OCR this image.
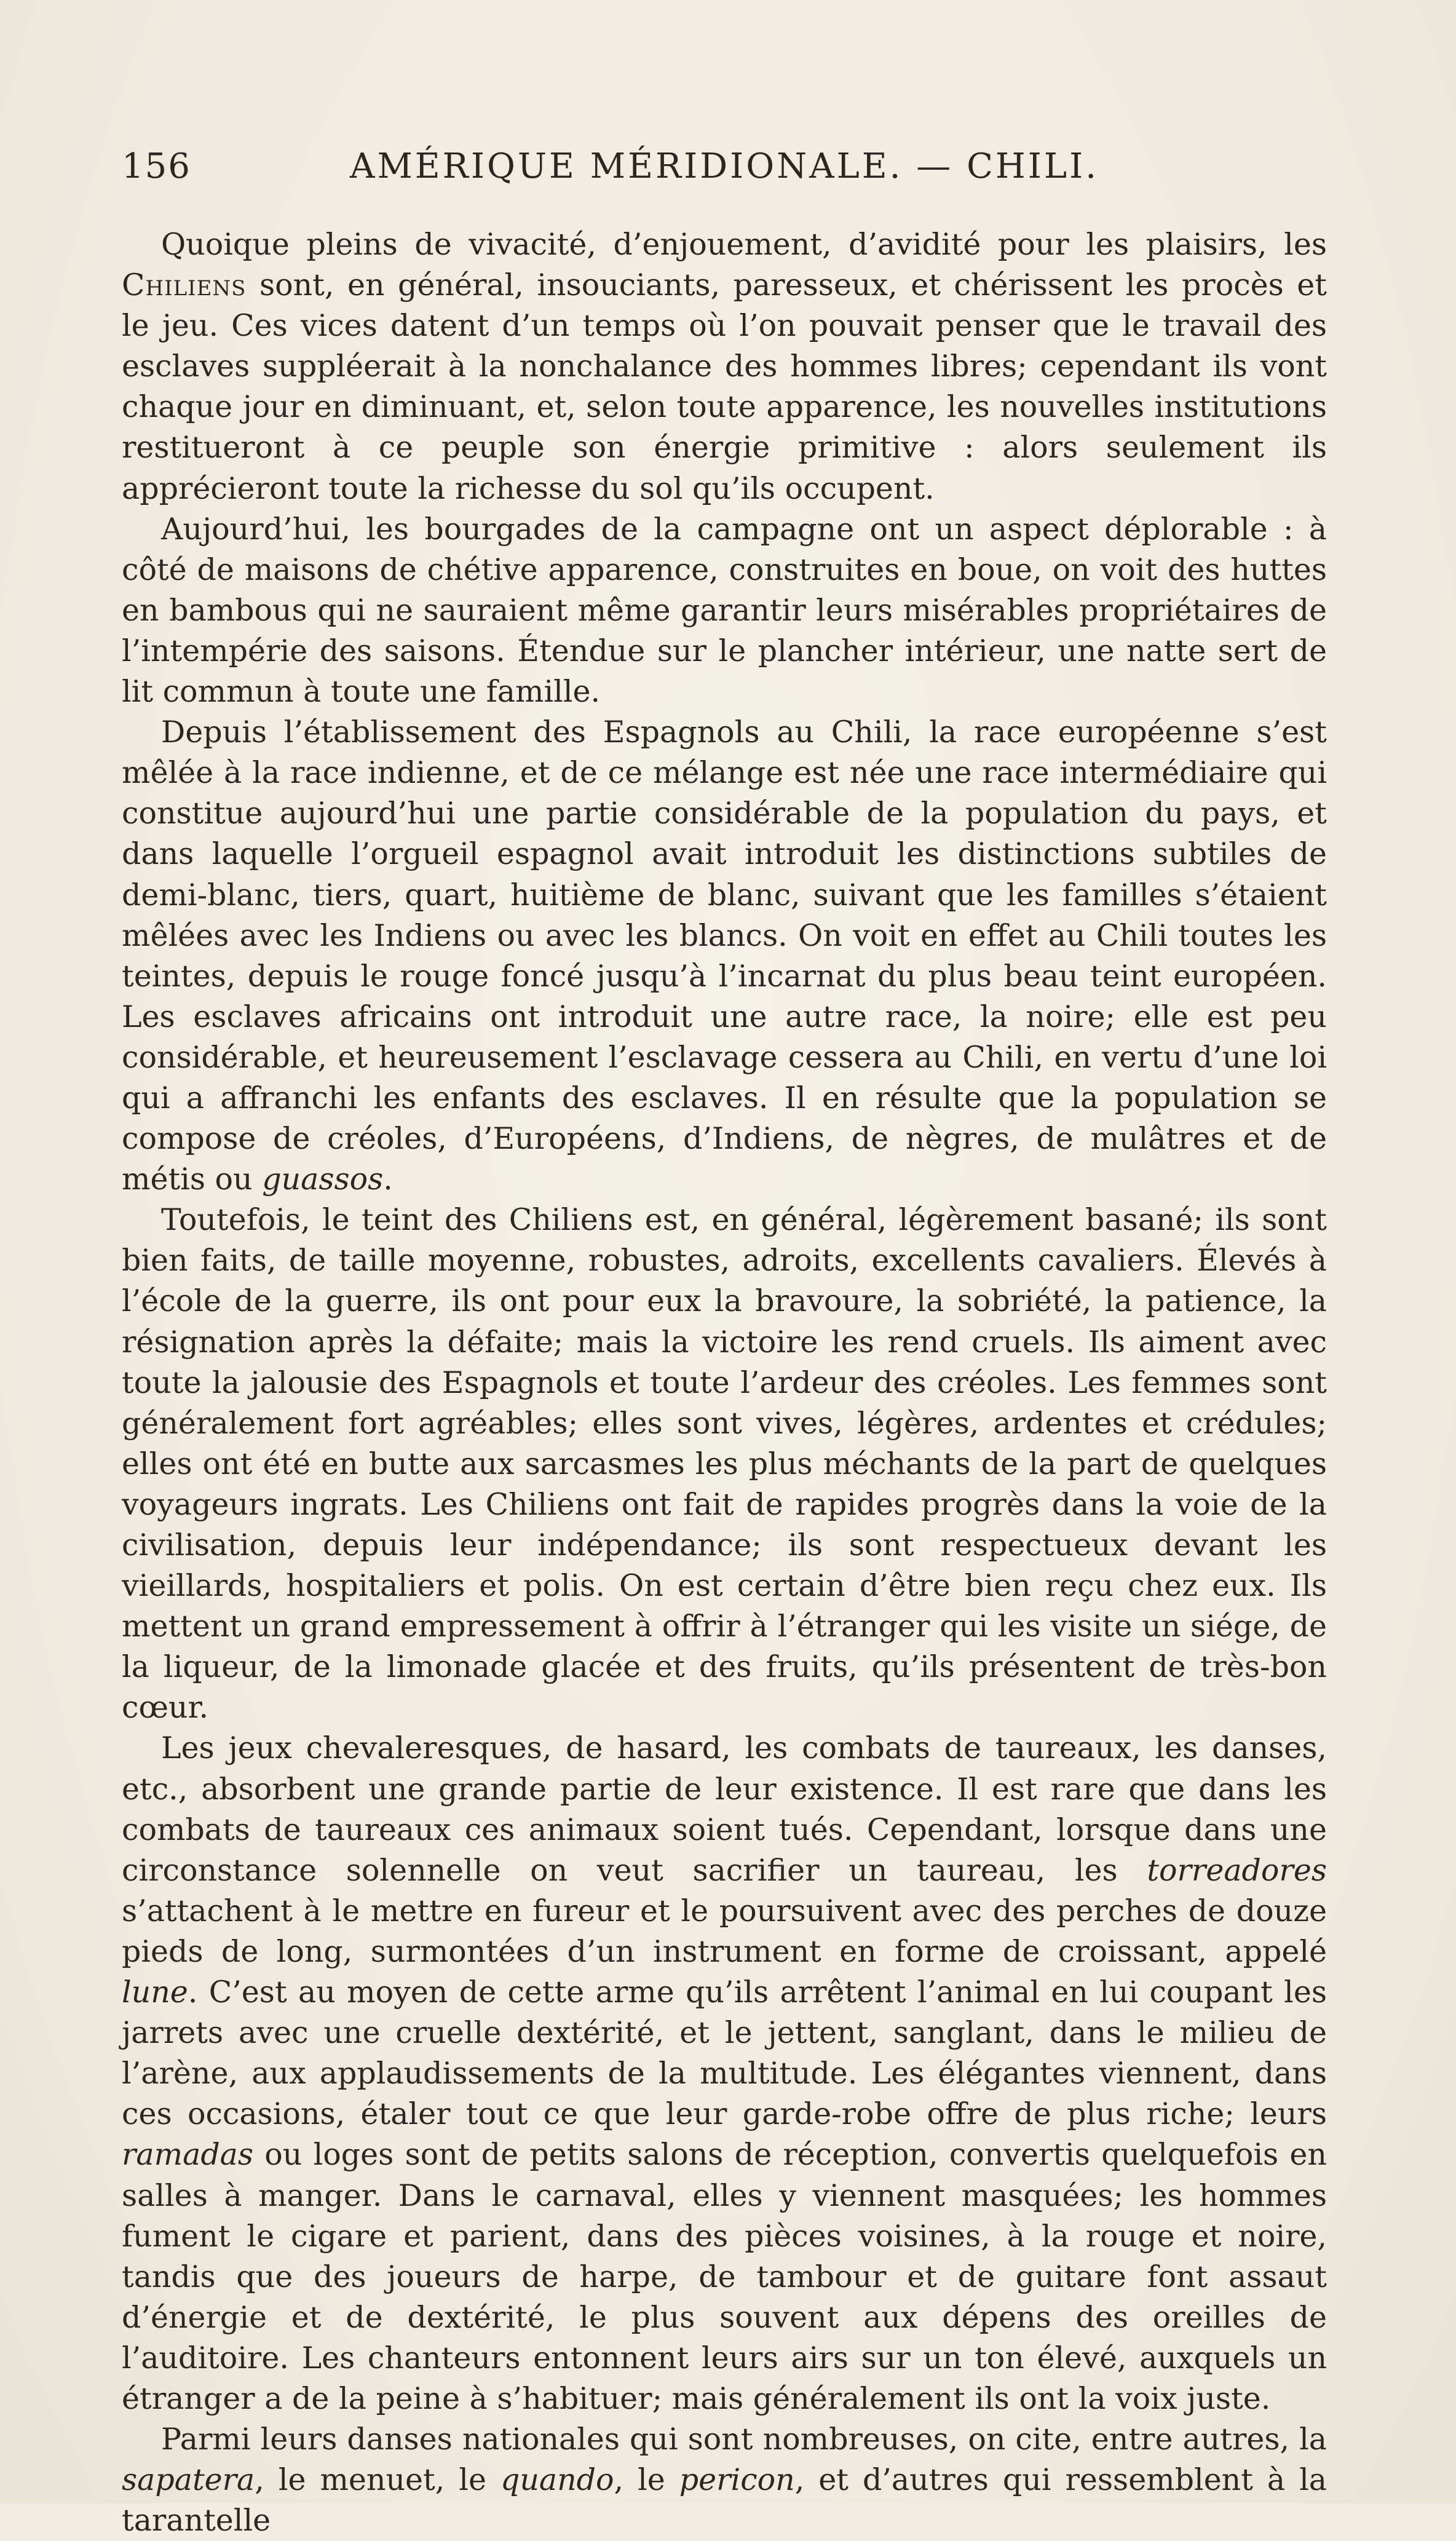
156	AMÉRIQUE MÉRIDIONALE. — CHILI.

Quoique pleins de vivacité, d’enjouement, d’avidité pour les plaisirs, les Chiliens sont, en général, insouciants, paresseux, et chérissent les procès et le jeu. Ces vices datent d’un temps où l’on pouvait penser que le travail des esclaves suppléerait à la nonchalance des hommes libres; cependant ils vont chaque jour en diminuant, et, selon toute apparence, les nouvelles institutions restitueront à ce peuple son énergie primitive : alors seulement ils apprécieront toute la richesse du sol qu’ils occupent.

Aujourd’hui, les bourgades de la campagne ont un aspect déplorable : à côté de maisons de chétive apparence, construites en boue, on voit des huttes en bambous qui ne sauraient même garantir leurs misérables propriétaires de l’intempérie des saisons. Étendue sur le plancher intérieur, une natte sert de lit commun à toute une famille.

Depuis l’établissement des Espagnols au Chili, la race européenne s’est mêlée à la race indienne, et de ce mélange est née une race intermédiaire qui constitue aujourd’hui une partie considérable de la population du pays, et dans laquelle l’orgueil espagnol avait introduit les distinctions subtiles de demi-blanc, tiers, quart, huitième de blanc, suivant que les familles s’étaient mêlées avec les Indiens ou avec les blancs. On voit en effet au Chili toutes les teintes, depuis le rouge foncé jusqu’à l’incarnat du plus beau teint européen. Les esclaves africains ont introduit une autre race, la noire; elle est peu considérable, et heureusement l’esclavage cessera au Chili, en vertu d’une loi qui a affranchi les enfants des esclaves. Il en résulte que la population se compose de créoles, d’Européens, d’Indiens, de nègres, de mulâtres et de métis ou guassos.

Toutefois, le teint des Chiliens est, en général, légèrement basané; ils sont bien faits, de taille moyenne, robustes, adroits, excellents cavaliers. Élevés à l’école de la guerre, ils ont pour eux la bravoure, la sobriété, la patience, la résignation après la défaite; mais la victoire les rend cruels. Ils aiment avec toute la jalousie des Espagnols et toute l’ardeur des créoles. Les femmes sont généralement fort agréables; elles sont vives, légères, ardentes et crédules; elles ont été en butte aux sarcasmes les plus méchants de la part de quelques voyageurs ingrats. Les Chiliens ont fait de rapides progrès dans la voie de la civilisation, depuis leur indépendance; ils sont respectueux devant les vieillards, hospitaliers et polis. On est certain d’être bien reçu chez eux. Ils mettent un grand empressement à offrir à l’étranger qui les visite un siége, de la liqueur, de la limonade glacée et des fruits, qu’ils présentent de très-bon cœur.

Les jeux chevaleresques, de hasard, les combats de taureaux, les danses, etc., absorbent une grande partie de leur existence. Il est rare que dans les combats de taureaux ces animaux soient tués. Cependant, lorsque dans une circonstance solennelle on veut sacrifier un taureau, les torreadores s’attachent à le mettre en fureur et le poursuivent avec des perches de douze pieds de long, surmontées d’un instrument en forme de croissant, appelé lune. C’est au moyen de cette arme qu’ils arrêtent l’animal en lui coupant les jarrets avec une cruelle dextérité, et le jettent, sanglant, dans le milieu de l’arène, aux applaudissements de la multitude. Les élégantes viennent, dans ces occasions, étaler tout ce que leur garde-robe offre de plus riche; leurs ramadas ou loges sont de petits salons de réception, convertis quelquefois en salles à manger. Dans le carnaval, elles y viennent masquées; les hommes fument le cigare et parient, dans des pièces voisines, à la rouge et noire, tandis que des joueurs de harpe, de tambour et de guitare font assaut d’énergie et de dextérité, le plus souvent aux dépens des oreilles de l’auditoire. Les chanteurs entonnent leurs airs sur un ton élevé, auxquels un étranger a de la peine à s’habituer; mais généralement ils ont la voix juste.

Parmi leurs danses nationales qui sont nombreuses, on cite, entre autres, la sapatera, le menuet, le quando, le pericon, et d’autres qui ressemblent à la tarantelle
